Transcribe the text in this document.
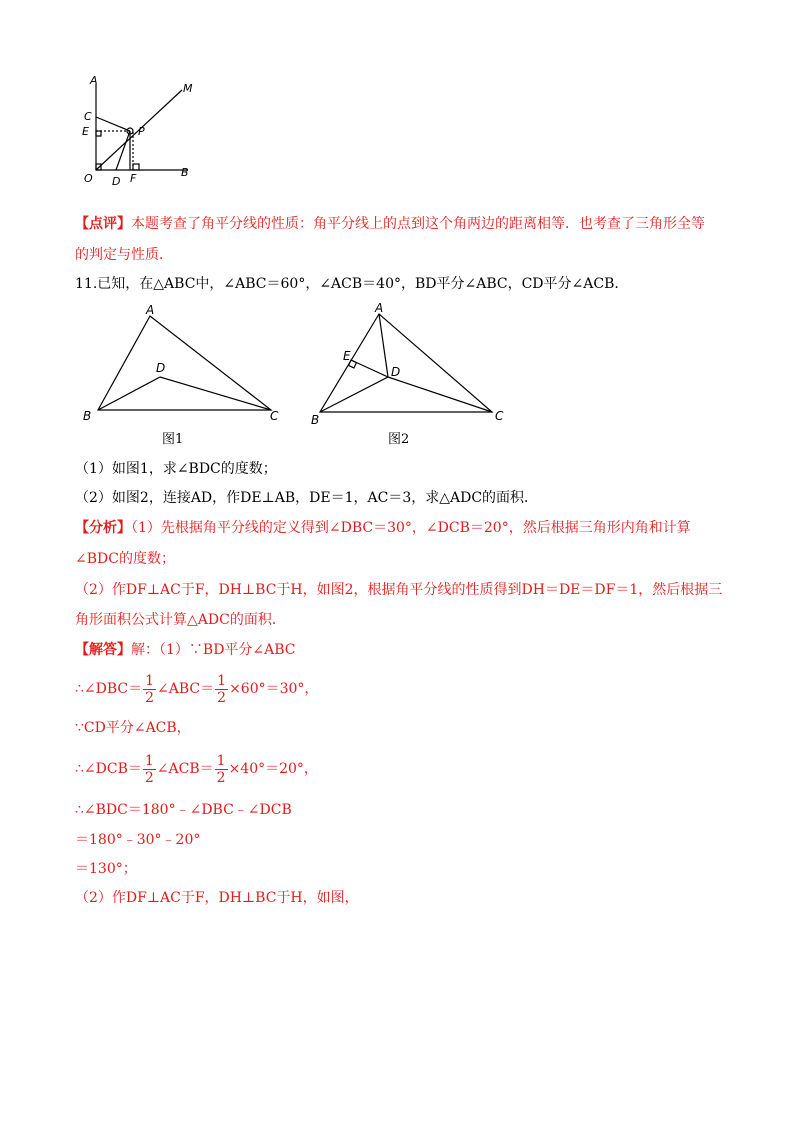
A
M
C
E	P
O D F	B
【点评】本题考查了角平分线的性质：角平分线上的点到这个角两边的距离相等．也考查了三角形全等
的判定与性质．
11.已知，在△ABC中，∠ABC＝60°，∠ACB＝40°，BD平分∠ABC，CD平分∠ACB．
A
D
B	C
图1
A
E
D
B	C
图2
（1）如图1，求∠BDC的度数；
（2）如图2，连接AD，作DE⊥AB，DE＝1，AC＝3，求△ADC的面积．
【分析】（1）先根据角平分线的定义得到∠DBC＝30°，∠DCB＝20°，然后根据三角形内角和计算
∠BDC的度数；
（2）作DF⊥AC于F，DH⊥BC于H，如图2，根据角平分线的性质得到DH＝DE＝DF＝1，然后根据三
角形面积公式计算△ADC的面积．
【解答】解：（1）∵BD平分∠ABC
∴∠DBC＝ $\frac{1}{2}$ ∠ABC＝ $\frac{1}{2} \times 60^\circ=30^\circ$，
∵CD平分∠ACB，
∴∠DCB＝ $\frac{1}{2}$ ∠ACB＝ $\frac{1}{2} \times 40^\circ=20^\circ$，
∴∠BDC＝180°﹣∠DBC﹣∠DCB
＝180°﹣30°﹣20°
＝130°；
（2）作DF⊥AC于F，DH⊥BC于H，如图，
